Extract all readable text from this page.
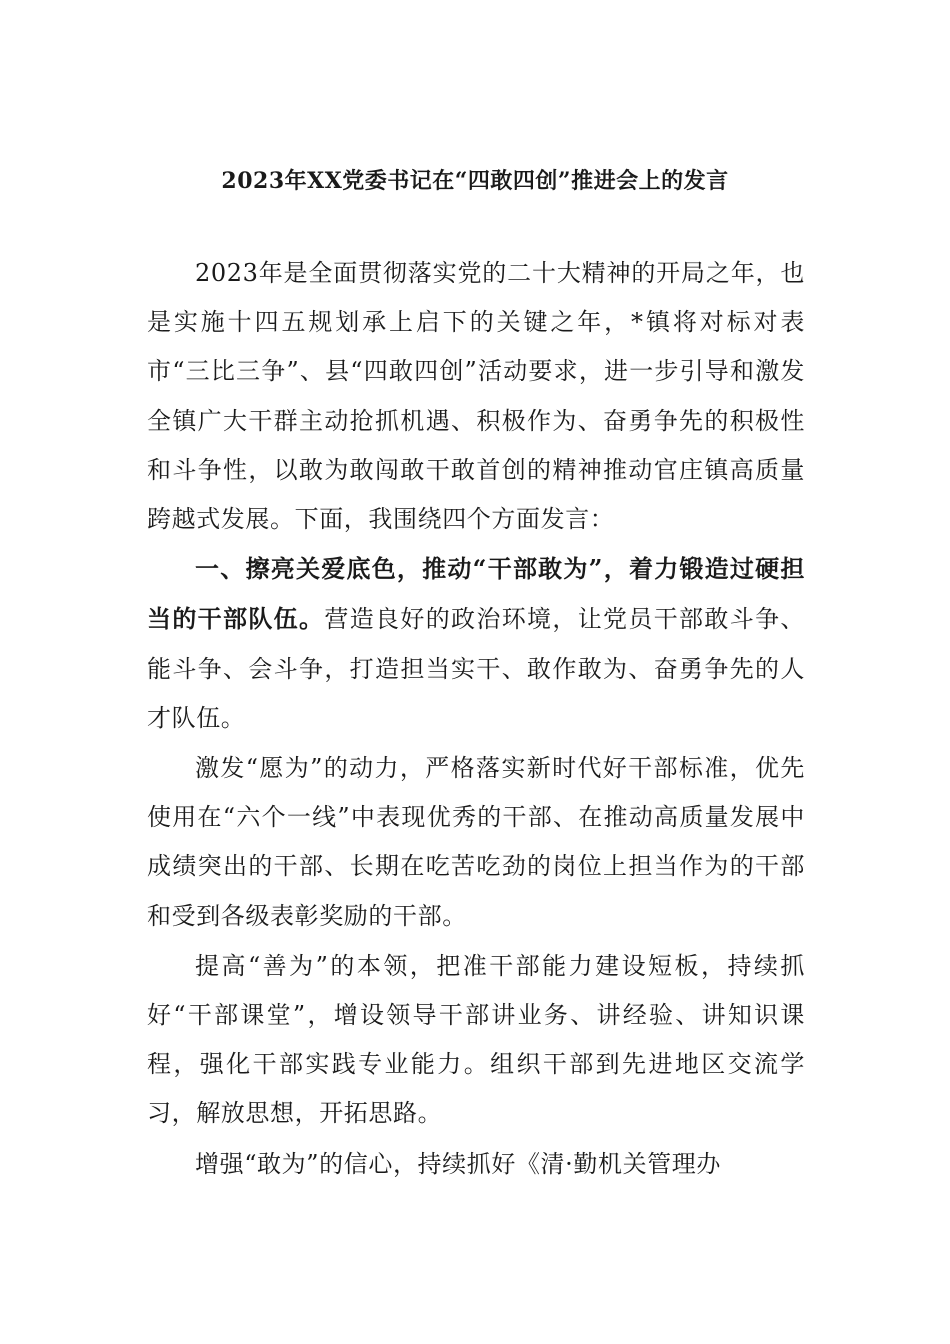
2023年XX党委书记在“四敢四创”推进会上的发言

2023年是全面贯彻落实党的二十大精神的开局之年，也是实施十四五规划承上启下的关键之年，*镇将对标对表市“三比三争”、县“四敢四创”活动要求，进一步引导和激发全镇广大干群主动抢抓机遇、积极作为、奋勇争先的积极性和斗争性，以敢为敢闯敢干敢首创的精神推动官庄镇高质量跨越式发展。下面，我围绕四个方面发言：

一、擦亮关爱底色，推动“干部敢为”，着力锻造过硬担当的干部队伍。营造良好的政治环境，让党员干部敢斗争、能斗争、会斗争，打造担当实干、敢作敢为、奋勇争先的人才队伍。

激发“愿为”的动力，严格落实新时代好干部标准，优先使用在“六个一线”中表现优秀的干部、在推动高质量发展中成绩突出的干部、长期在吃苦吃劲的岗位上担当作为的干部和受到各级表彰奖励的干部。

提高“善为”的本领，把准干部能力建设短板，持续抓好“干部课堂”，增设领导干部讲业务、讲经验、讲知识课程，强化干部实践专业能力。组织干部到先进地区交流学习，解放思想，开拓思路。

增强“敢为”的信心，持续抓好《清·勤机关管理办
